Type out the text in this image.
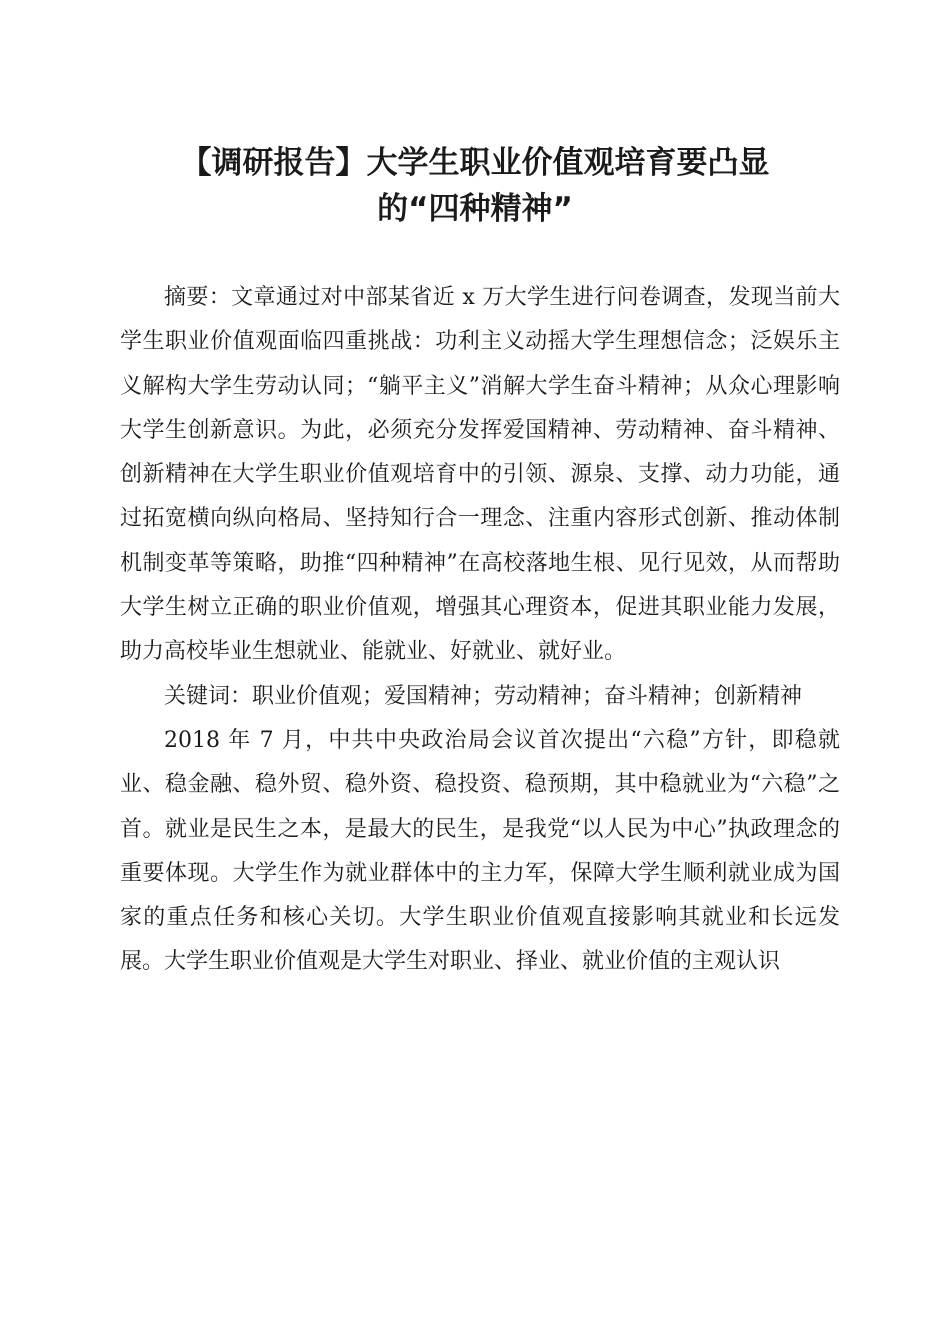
【调研报告】大学生职业价值观培育要凸显
的“四种精神”

摘要：文章通过对中部某省近 x 万大学生进行问卷调查，发现当前大学生职业价值观面临四重挑战：功利主义动摇大学生理想信念；泛娱乐主义解构大学生劳动认同；“躺平主义”消解大学生奋斗精神；从众心理影响大学生创新意识。为此，必须充分发挥爱国精神、劳动精神、奋斗精神、创新精神在大学生职业价值观培育中的引领、源泉、支撑、动力功能，通过拓宽横向纵向格局、坚持知行合一理念、注重内容形式创新、推动体制机制变革等策略，助推“四种精神”在高校落地生根、见行见效，从而帮助大学生树立正确的职业价值观，增强其心理资本，促进其职业能力发展，助力高校毕业生想就业、能就业、好就业、就好业。

关键词：职业价值观；爱国精神；劳动精神；奋斗精神；创新精神

2018 年 7 月，中共中央政治局会议首次提出“六稳”方针，即稳就业、稳金融、稳外贸、稳外资、稳投资、稳预期，其中稳就业为“六稳”之首。就业是民生之本，是最大的民生，是我党“以人民为中心”执政理念的重要体现。大学生作为就业群体中的主力军，保障大学生顺利就业成为国家的重点任务和核心关切。大学生职业价值观直接影响其就业和长远发展。大学生职业价值观是大学生对职业、择业、就业价值的主观认识
